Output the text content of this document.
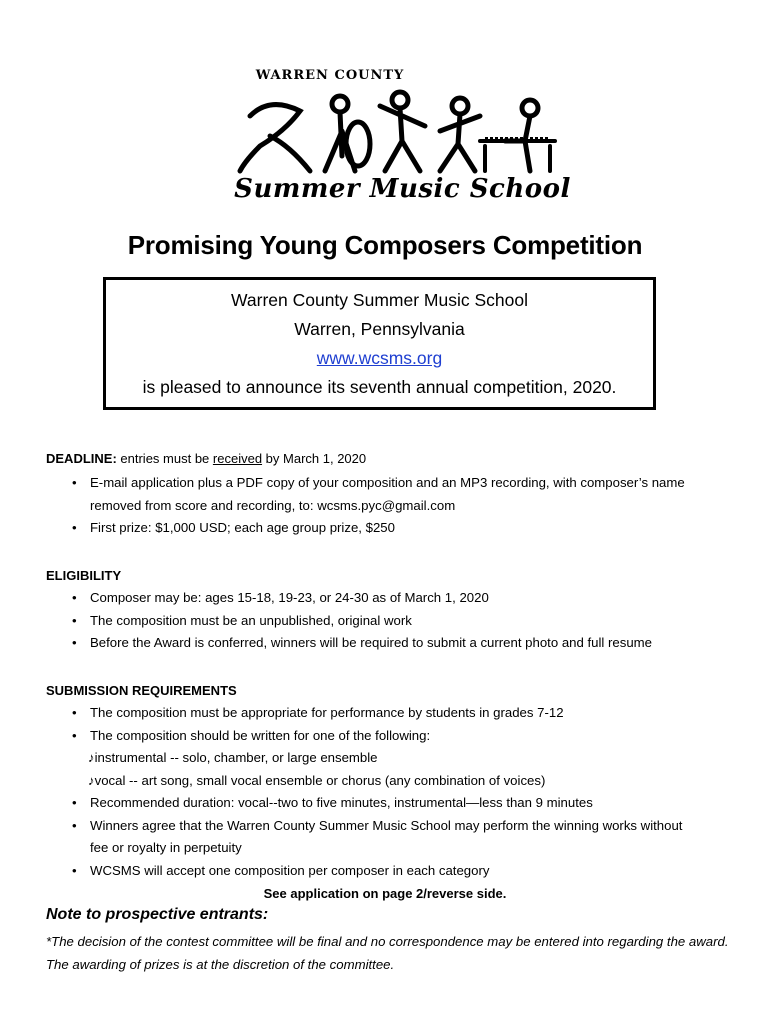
WARREN COUNTY
Summer Music School
Promising Young Composers Competition
Warren County Summer Music School
Warren, Pennsylvania
www.wcsms.org
is pleased to announce its seventh annual competition, 2020.
DEADLINE: entries must be received by March 1, 2020
• E-mail application plus a PDF copy of your composition and an MP3 recording, with composer’s name
removed from score and recording, to: wcsms.pyc@gmail.com
• First prize: $1,000 USD; each age group prize, $250
ELIGIBILITY
• Composer may be: ages 15-18, 19-23, or 24-30 as of March 1, 2020
• The composition must be an unpublished, original work
• Before the Award is conferred, winners will be required to submit a current photo and full resume
SUBMISSION REQUIREMENTS
• The composition must be appropriate for performance by students in grades 7-12
• The composition should be written for one of the following:
♪instrumental -- solo, chamber, or large ensemble
♪vocal -- art song, small vocal ensemble or chorus (any combination of voices)
• Recommended duration: vocal--two to five minutes, instrumental—less than 9 minutes
• Winners agree that the Warren County Summer Music School may perform the winning works without
fee or royalty in perpetuity
• WCSMS will accept one composition per composer in each category
See application on page 2/reverse side.
Note to prospective entrants:
*The decision of the contest committee will be final and no correspondence may be entered into regarding the award. The awarding of prizes is at the discretion of the committee.
